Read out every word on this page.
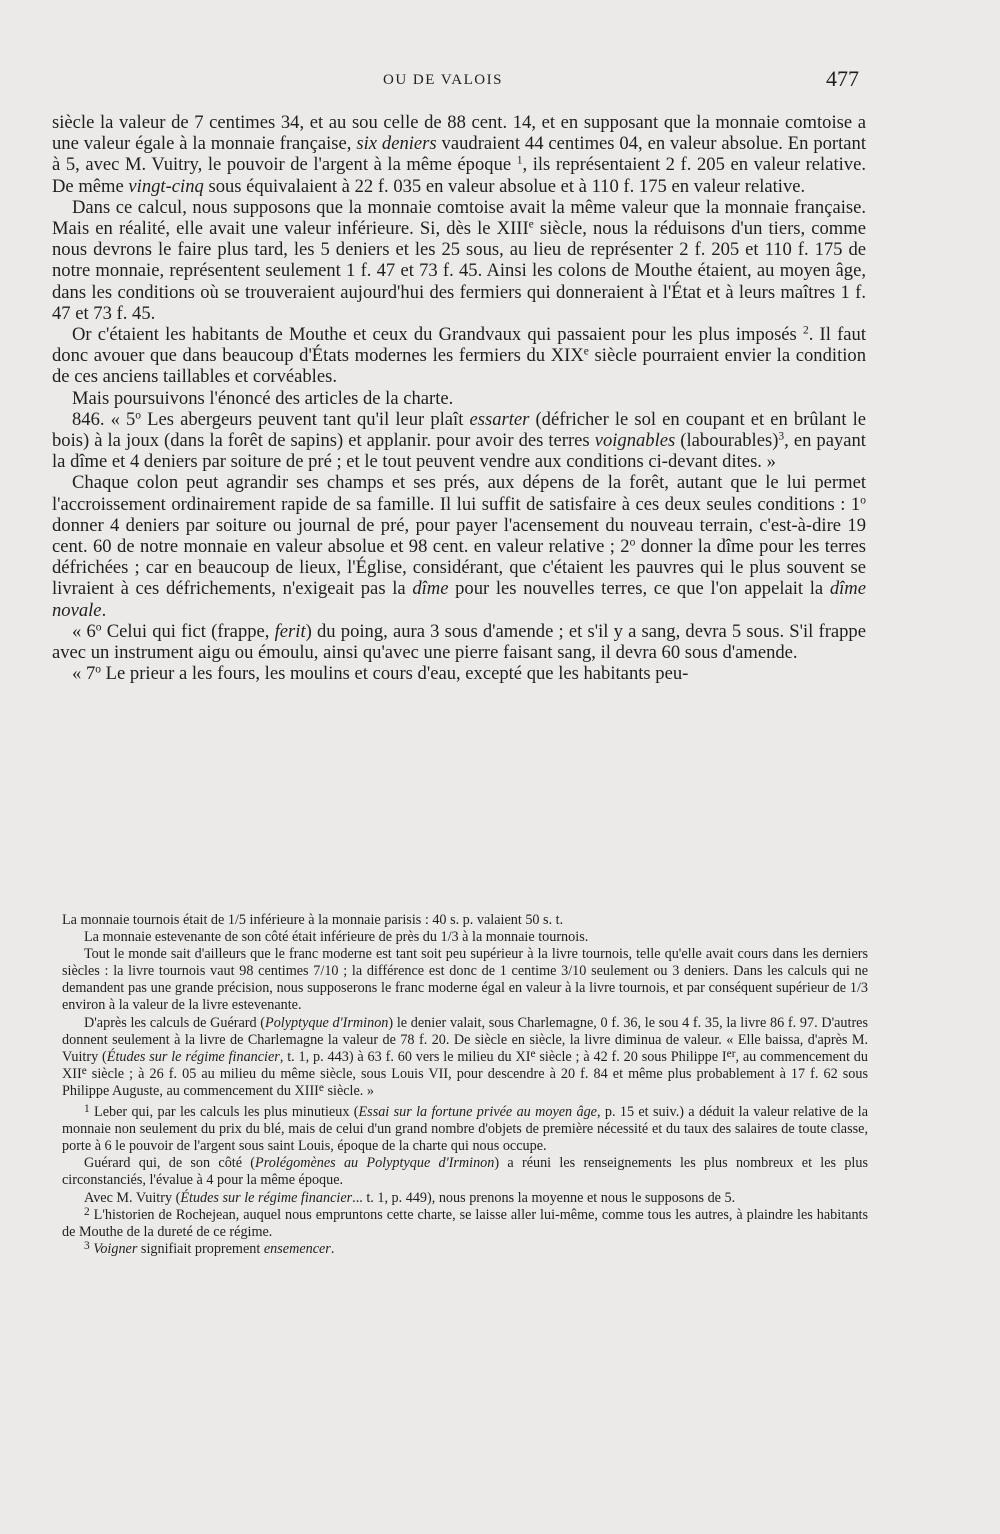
OU DE VALOIS	477

siècle la valeur de 7 centimes 34, et au sou celle de 88 cent. 14, et en supposant que la monnaie comtoise a une valeur égale à la monnaie française, six deniers vaudraient 44 centimes 04, en valeur absolue. En portant à 5, avec M. Vuitry, le pouvoir de l'argent à la même époque $^1$, ils représentaient 2 f. 205 en valeur relative. De même vingt-cinq sous équivalaient à 22 f. 035 en valeur absolue et à 110 f. 175 en valeur relative.

Dans ce calcul, nous supposons que la monnaie comtoise avait la même valeur que la monnaie française. Mais en réalité, elle avait une valeur inférieure. Si, dès le XIIIe siècle, nous la réduisons d'un tiers, comme nous devrons le faire plus tard, les 5 deniers et les 25 sous, au lieu de représenter 2 f. 205 et 110 f. 175 de notre monnaie, représentent seulement 1 f. 47 et 73 f. 45. Ainsi les colons de Mouthe étaient, au moyen âge, dans les conditions où se trouveraient aujourd'hui des fermiers qui donneraient à l'État et à leurs maîtres 1 f. 47 et 73 f. 45.

Or c'étaient les habitants de Mouthe et ceux du Grandvaux qui passaient pour les plus imposés $^2$. Il faut donc avouer que dans beaucoup d'États modernes les fermiers du XIXe siècle pourraient envier la condition de ces anciens taillables et corvéables.

Mais poursuivons l'énoncé des articles de la charte.

846. « 5$^o$ Les abergeurs peuvent tant qu'il leur plaît essarter (défricher le sol en coupant et en brûlant le bois) à la joux (dans la forêt de sapins) et applanir. pour avoir des terres voignables (labourables)$^3$, en payant la dîme et 4 deniers par soiture de pré ; et le tout peuvent vendre aux conditions ci-devant dites. »

Chaque colon peut agrandir ses champs et ses prés, aux dépens de la forêt, autant que le lui permet l'accroissement ordinairement rapide de sa famille. Il lui suffit de satisfaire à ces deux seules conditions : 1$^o$ donner 4 deniers par soiture ou journal de pré, pour payer l'acensement du nouveau terrain, c'est-à-dire 19 cent. 60 de notre monnaie en valeur absolue et 98 cent. en valeur relative ; 2$^o$ donner la dîme pour les terres défrichées ; car en beaucoup de lieux, l'Église, considérant, que c'étaient les pauvres qui le plus souvent se livraient à ces défrichements, n'exigeait pas la dîme pour les nouvelles terres, ce que l'on appelait la dîme novale.

« 6$^o$ Celui qui fict (frappe, ferit) du poing, aura 3 sous d'amende ; et s'il y a sang, devra 5 sous. S'il frappe avec un instrument aigu ou émoulu, ainsi qu'avec une pierre faisant sang, il devra 60 sous d'amende.

« 7$^o$ Le prieur a les fours, les moulins et cours d'eau, excepté que les habitants peu-

La monnaie tournois était de 1/5 inférieure à la monnaie parisis : 40 s. p. valaient 50 s. t.

La monnaie estevenante de son côté était inférieure de près du 1/3 à la monnaie tournois.

Tout le monde sait d'ailleurs que le franc moderne est tant soit peu supérieur à la livre tournois, telle qu'elle avait cours dans les derniers siècles : la livre tournois vaut 98 centimes 7/10 ; la différence est donc de 1 centime 3/10 seulement ou 3 deniers. Dans les calculs qui ne demandent pas une grande précision, nous supposerons le franc moderne égal en valeur à la livre tournois, et par conséquent supérieur de 1/3 environ à la valeur de la livre estevenante.

D'après les calculs de Guérard (Polyptyque d'Irminon) le denier valait, sous Charlemagne, 0 f. 36, le sou 4 f. 35, la livre 86 f. 97. D'autres donnent seulement à la livre de Charlemagne la valeur de 78 f. 20. De siècle en siècle, la livre diminua de valeur. « Elle baissa, d'après M. Vuitry (Études sur le régime financier, t. 1, p. 443) à 63 f. 60 vers le milieu du XIe siècle ; à 42 f. 20 sous Philippe Ier, au commencement du XIIe siècle ; à 26 f. 05 au milieu du même siècle, sous Louis VII, pour descendre à 20 f. 84 et même plus probablement à 17 f. 62 sous Philippe Auguste, au commencement du XIIIe siècle. »

$^1$ Leber qui, par les calculs les plus minutieux (Essai sur la fortune privée au moyen âge, p. 15 et suiv.) a déduit la valeur relative de la monnaie non seulement du prix du blé, mais de celui d'un grand nombre d'objets de première nécessité et du taux des salaires de toute classe, porte à 6 le pouvoir de l'argent sous saint Louis, époque de la charte qui nous occupe.

Guérard qui, de son côté (Prolégomènes au Polyptyque d'Irminon) a réuni les renseignements les plus nombreux et les plus circonstanciés, l'évalue à 4 pour la même époque.

Avec M. Vuitry (Études sur le régime financier... t. 1, p. 449), nous prenons la moyenne et nous le supposons de 5.

$^2$ L'historien de Rochejean, auquel nous empruntons cette charte, se laisse aller lui-même, comme tous les autres, à plaindre les habitants de Mouthe de la dureté de ce régime.

$^3$ Voigner signifiait proprement ensemencer.
